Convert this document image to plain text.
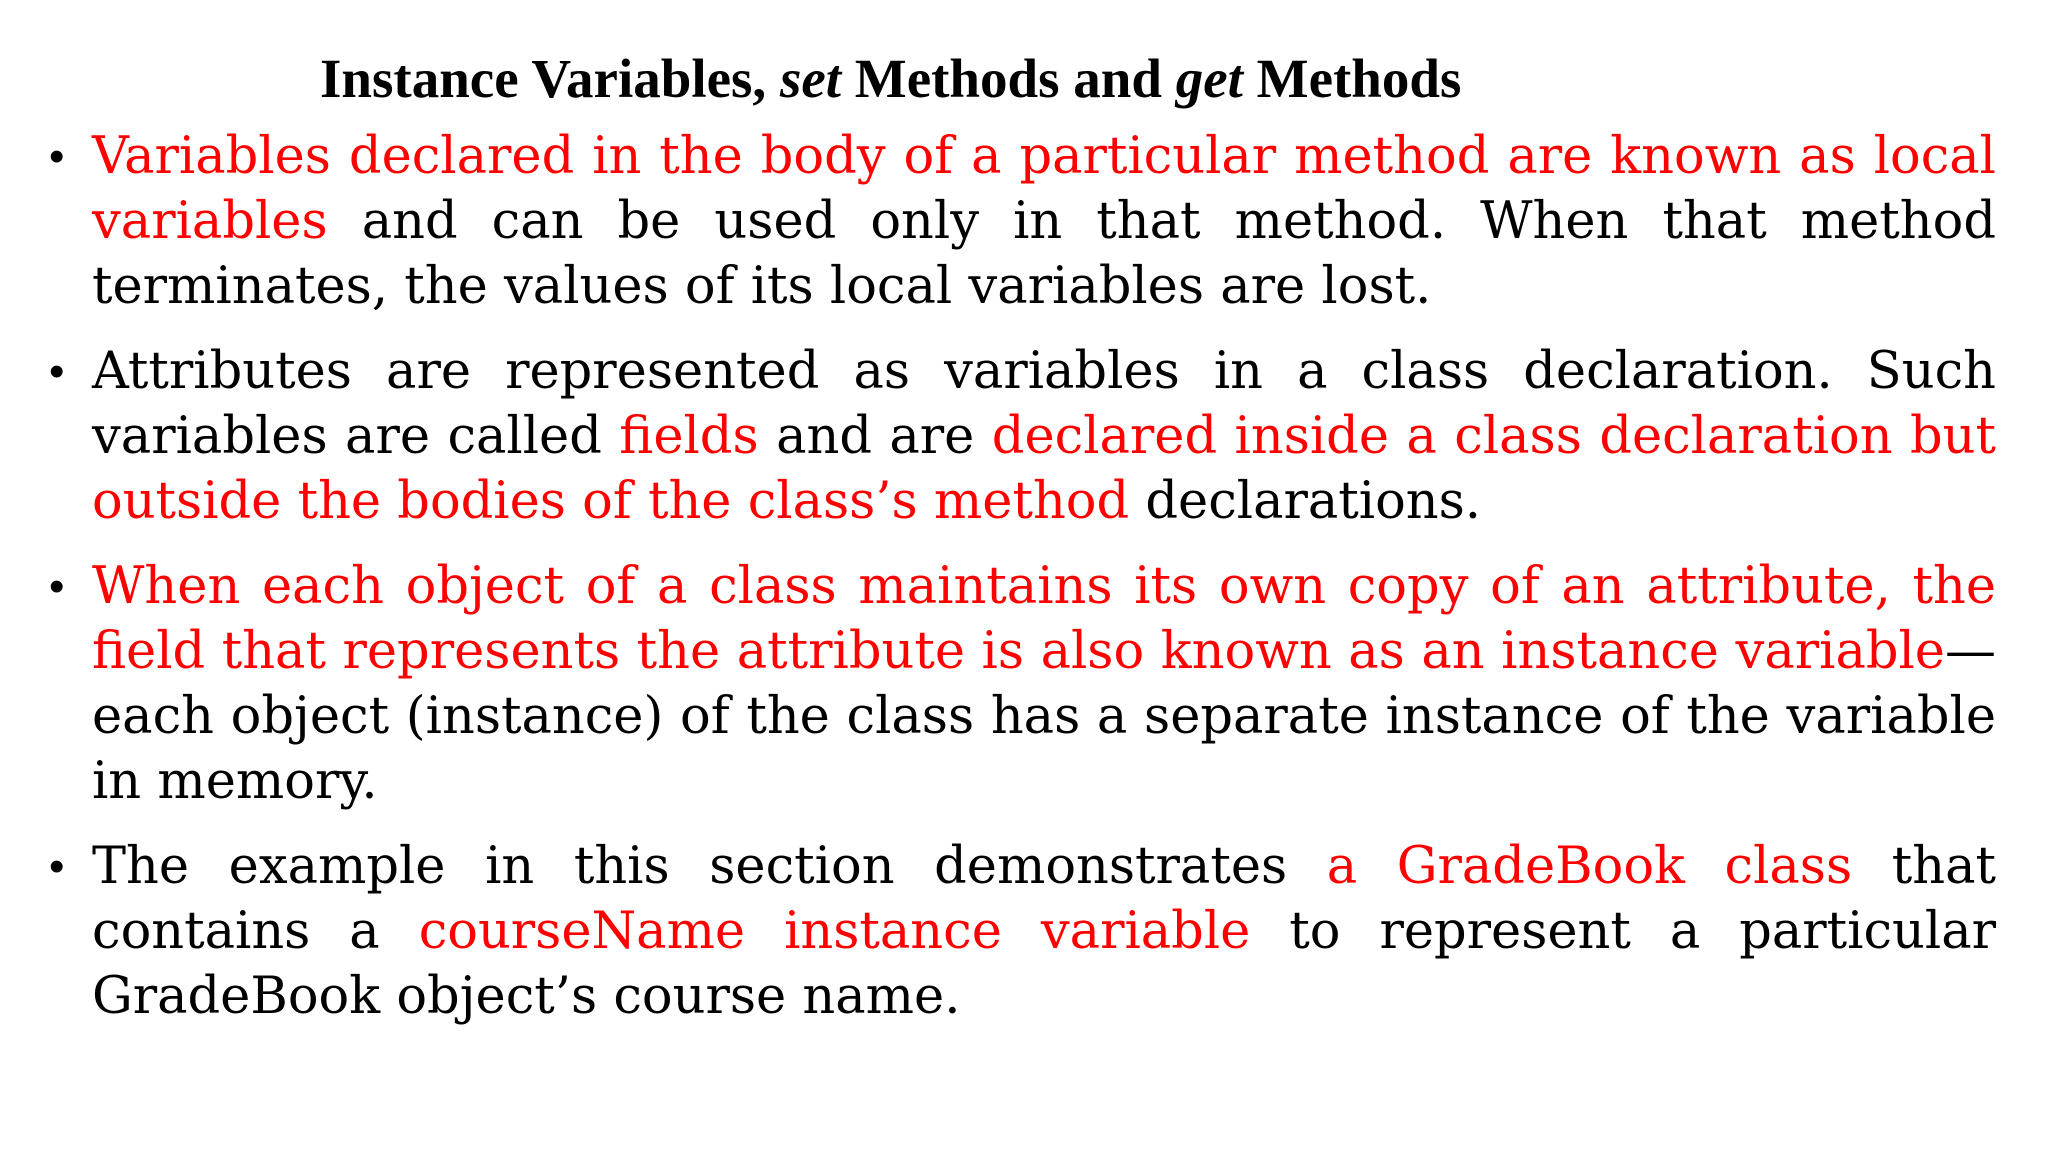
Instance Variables, set Methods and get Methods
• Variables declared in the body of a particular method are known as local variables and can be used only in that method. When that method terminates, the values of its local variables are lost.
• Attributes are represented as variables in a class declaration. Such variables are called fields and are declared inside a class declaration but outside the bodies of the class’s method declarations.
• When each object of a class maintains its own copy of an attribute, the field that represents the attribute is also known as an instance variable—each object (instance) of the class has a separate instance of the variable in memory.
• The example in this section demonstrates a GradeBook class that contains a courseName instance variable to represent a particular GradeBook object’s course name.
